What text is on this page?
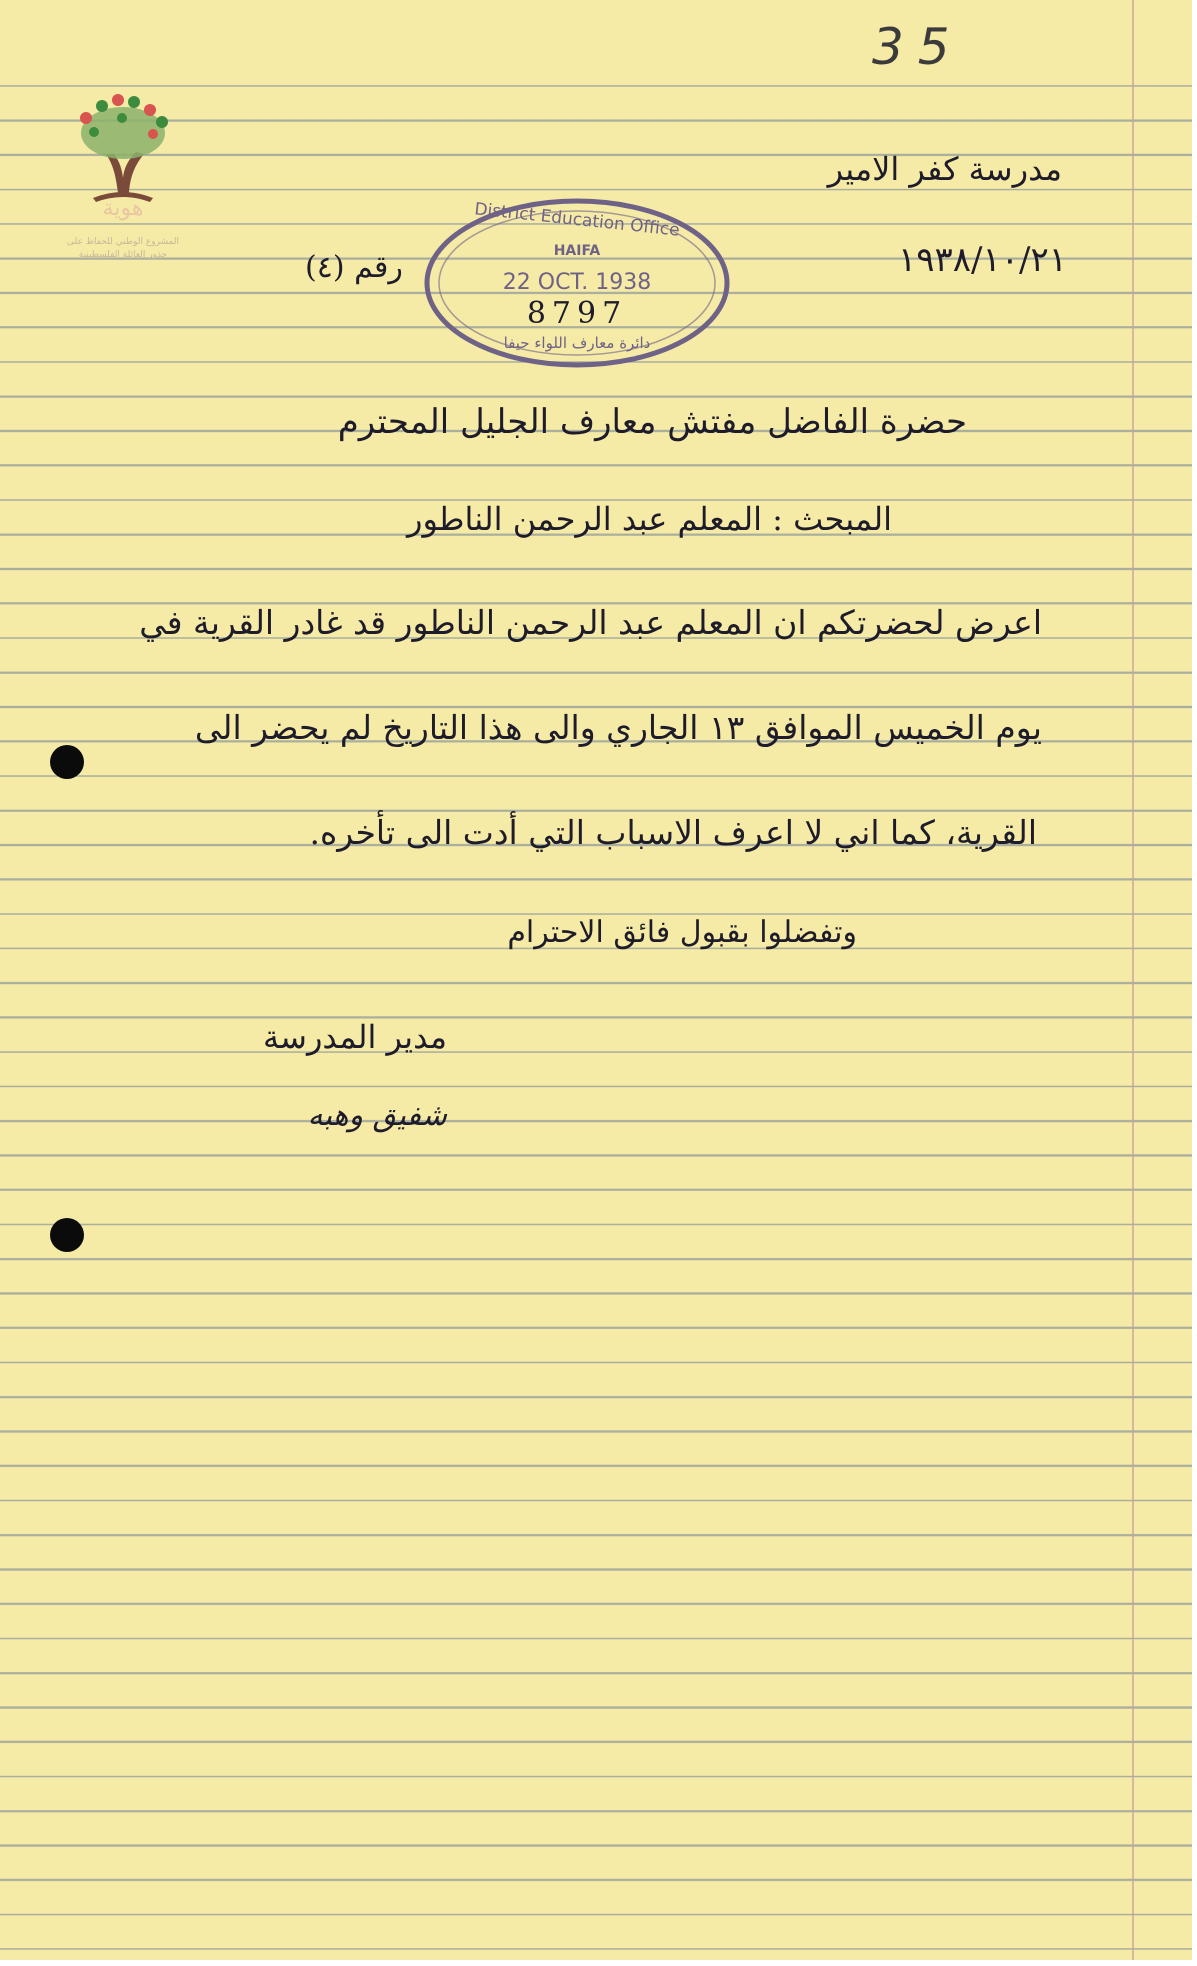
هوية
المشروع الوطني للحفاظ على
جذور العائلة الفلسطينية
35
مدرسة كفر الامير
١٩٣٨/١٠/٢١
رقم (٤)
District Education Office
HAIFA
22 OCT. 1938
8797
دائرة معارف اللواء حيفا
حضرة الفاضل مفتش معارف الجليل المحترم
المبحث : المعلم عبد الرحمن الناطور
اعرض لحضرتكم ان المعلم عبد الرحمن الناطور قد غادر القرية في
يوم الخميس الموافق ١٣ الجاري والى هذا التاريخ لم يحضر الى
القرية، كما اني لا اعرف الاسباب التي أدت الى تأخره.
وتفضلوا بقبول فائق الاحترام
مدير المدرسة
شفيق وهبه
